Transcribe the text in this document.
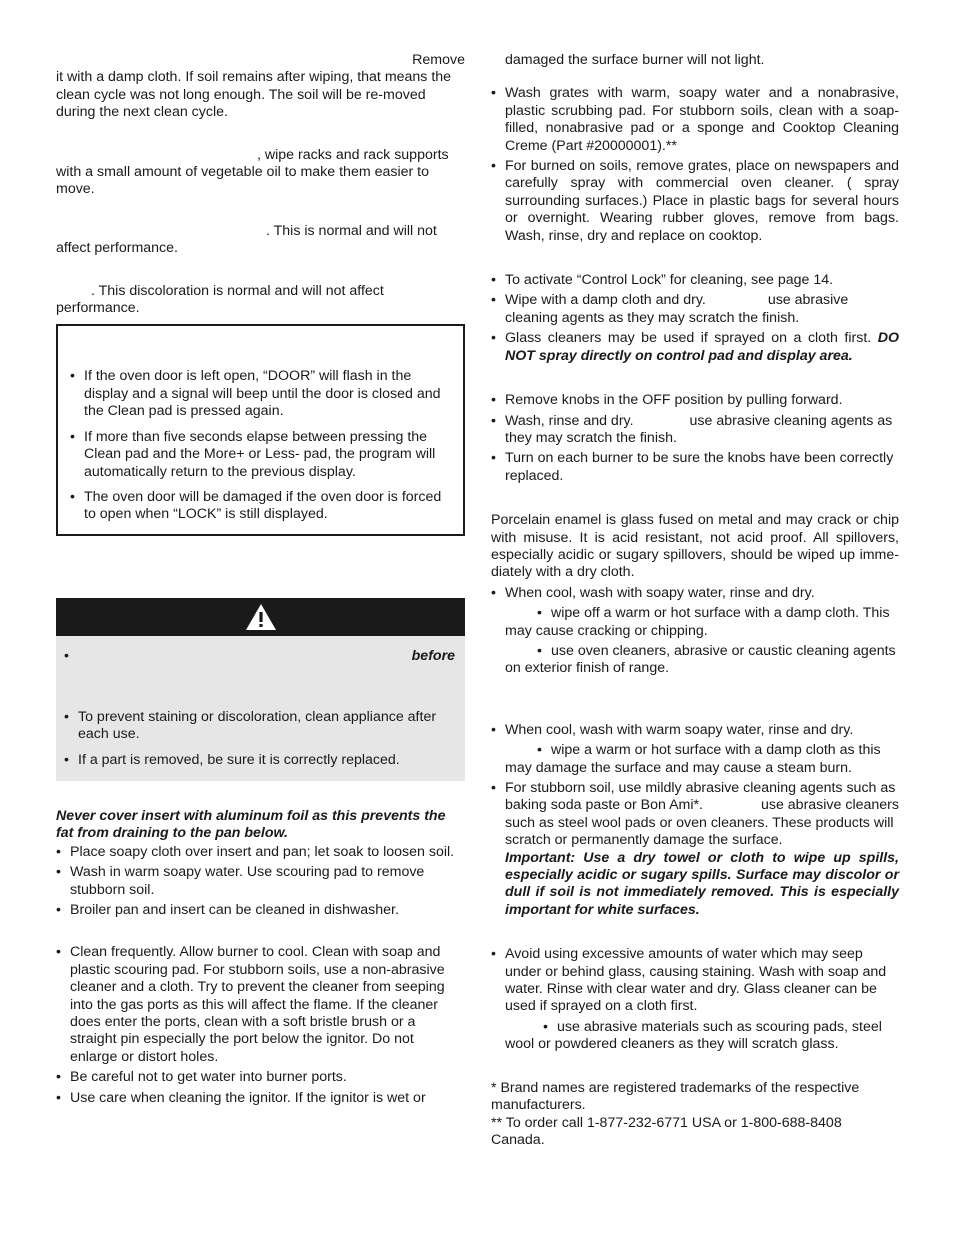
Remove

it with a damp cloth. If soil remains after wiping, that means the clean cycle was not long enough. The soil will be re-moved during the next clean cycle.

, wipe racks and rack supports with a small amount of vegetable oil to make them easier to move.

. This is normal and will not

affect performance.

. This discoloration is normal and will not affect

performance.

• If the oven door is left open, “DOOR” will flash in the display and a signal will beep until the door is closed and the Clean pad is pressed again.
• If more than five seconds elapse between pressing the Clean pad and the More+ or Less- pad, the program will automatically return to the previous display.
• The oven door will be damaged if the oven door is forced to open when “LOCK” is still displayed.
• before
• To prevent staining or discoloration, clean appliance after each use.
• If a part is removed, be sure it is correctly replaced.

Never cover insert with aluminum foil as this prevents the fat from draining to the pan below.

• Place soapy cloth over insert and pan; let soak to loosen soil.
• Wash in warm soapy water. Use scouring pad to remove stubborn soil.
• Broiler pan and insert can be cleaned in dishwasher.
• Clean frequently. Allow burner to cool. Clean with soap and plastic scouring pad. For stubborn soils, use a non-abrasive cleaner and a cloth. Try to prevent the cleaner from seeping into the gas ports as this will affect the flame. If the cleaner does enter the ports, clean with a soft bristle brush or a straight pin especially the port below the ignitor. Do not enlarge or distort holes.
• Be careful not to get water into burner ports.
• Use care when cleaning the ignitor. If the ignitor is wet or

damaged the surface burner will not light.

• Wash grates with warm, soapy water and a nonabrasive, plastic scrubbing pad. For stubborn soils, clean with a soap-filled, nonabrasive pad or a sponge and Cooktop Cleaning Creme (Part #20000001).**
• For burned on soils, remove grates, place on newspapers and carefully spray with commercial oven cleaner. ( spray surrounding surfaces.) Place in plastic bags for several hours or overnight. Wearing rubber gloves, remove from bags. Wash, rinse, dry and replace on cooktop.
• To activate “Control Lock” for cleaning, see page 14.
• Wipe with a damp cloth and dry.	use abrasive cleaning agents as they may scratch the finish.
• Glass cleaners may be used if sprayed on a cloth first. DO NOT spray directly on control pad and display area.
• Remove knobs in the OFF position by pulling forward.
• Wash, rinse and dry.	use abrasive cleaning agents as they may scratch the finish.
• Turn on each burner to be sure the knobs have been correctly replaced.

Porcelain enamel is glass fused on metal and may crack or chip with misuse. It is acid resistant, not acid proof. All spillovers, especially acidic or sugary spillovers, should be wiped up imme-diately with a dry cloth.

• When cool, wash with soapy water, rinse and dry.
• wipe off a warm or hot surface with a damp cloth. This may cause cracking or chipping.
• use oven cleaners, abrasive or caustic cleaning agents on exterior finish of range.
• When cool, wash with warm soapy water, rinse and dry.
• wipe a warm or hot surface with a damp cloth as this may damage the surface and may cause a steam burn.
• For stubborn soil, use mildly abrasive cleaning agents such as baking soda paste or Bon Ami*.	use abrasive cleaners such as steel wool pads or oven cleaners. These products will scratch or permanently damage the surface.

Important: Use a dry towel or cloth to wipe up spills, especially acidic or sugary spills. Surface may discolor or dull if soil is not immediately removed. This is especially important for white surfaces.

• Avoid using excessive amounts of water which may seep under or behind glass, causing staining. Wash with soap and water. Rinse with clear water and dry. Glass cleaner can be used if sprayed on a cloth first.
• use abrasive materials such as scouring pads, steel wool or powdered cleaners as they will scratch glass.

* Brand names are registered trademarks of the respective manufacturers.

** To order call 1-877-232-6771 USA or 1-800-688-8408 Canada.
